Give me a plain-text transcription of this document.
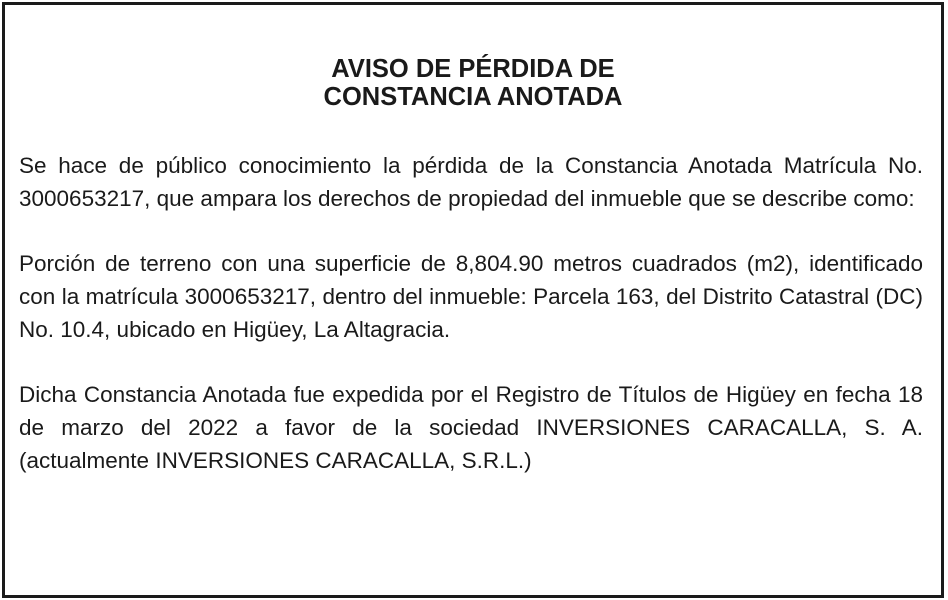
AVISO DE PÉRDIDA DE
CONSTANCIA ANOTADA

Se hace de público conocimiento la pérdida de la Constancia Anotada Matrícula No. 3000653217, que ampara los derechos de propiedad del inmueble que se describe como:

Porción de terreno con una superficie de 8,804.90 metros cuadrados (m2), identificado con la matrícula 3000653217, dentro del inmueble: Parcela 163, del Distrito Catastral (DC) No. 10.4, ubicado en Higüey, La Altagracia.

Dicha Constancia Anotada fue expedida por el Registro de Títulos de Higüey en fecha 18 de marzo del 2022 a favor de la sociedad INVERSIONES CARACALLA, S. A. (actualmente INVERSIONES CARACALLA, S.R.L.)
